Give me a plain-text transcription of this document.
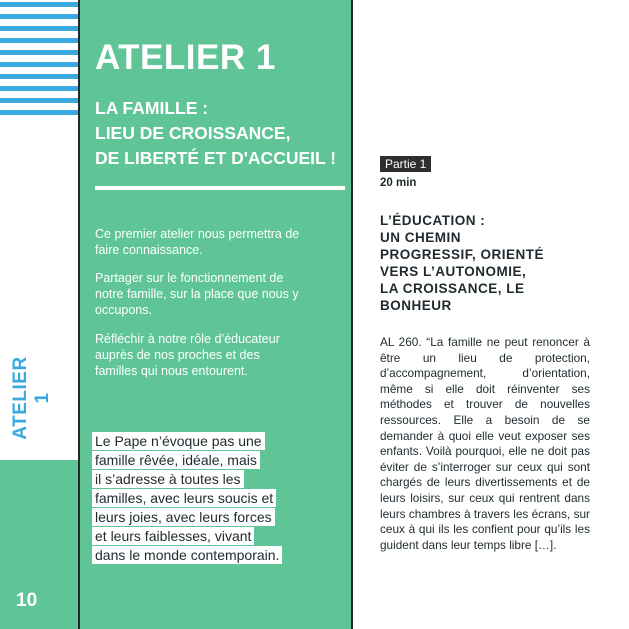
ATELIER 1
10
ATELIER 1
LA FAMILLE :
LIEU DE CROISSANCE,
DE LIBERTÉ ET D'ACCUEIL !
Ce premier atelier nous permettra de faire connaissance.
Partager sur le fonctionnement de notre famille, sur la place que nous y occupons.
Réfléchir à notre rôle d’éducateur auprès de nos proches et des familles qui nous entourent.
Le Pape n’évoque pas une
famille rêvée, idéale, mais
il s’adresse à toutes les
familles, avec leurs soucis et
leurs joies, avec leurs forces
et leurs faiblesses, vivant
dans le monde contemporain.
Partie 1
20 min
L’ÉDUCATION :
UN CHEMIN
PROGRESSIF, ORIENTÉ
VERS L’AUTONOMIE,
LA CROISSANCE, LE
BONHEUR
AL 260. “La famille ne peut renoncer à être un lieu de protection, d’accompagnement, d’orientation, même si elle doit réinventer ses méthodes et trouver de nouvelles ressources. Elle a besoin de se demander à quoi elle veut exposer ses enfants. Voilà pourquoi, elle ne doit pas éviter de s’interroger sur ceux qui sont chargés de leurs divertissements et de leurs loisirs, sur ceux qui rentrent dans leurs chambres à travers les écrans, sur ceux à qui ils les confient pour qu’ils les guident dans leur temps libre […].
